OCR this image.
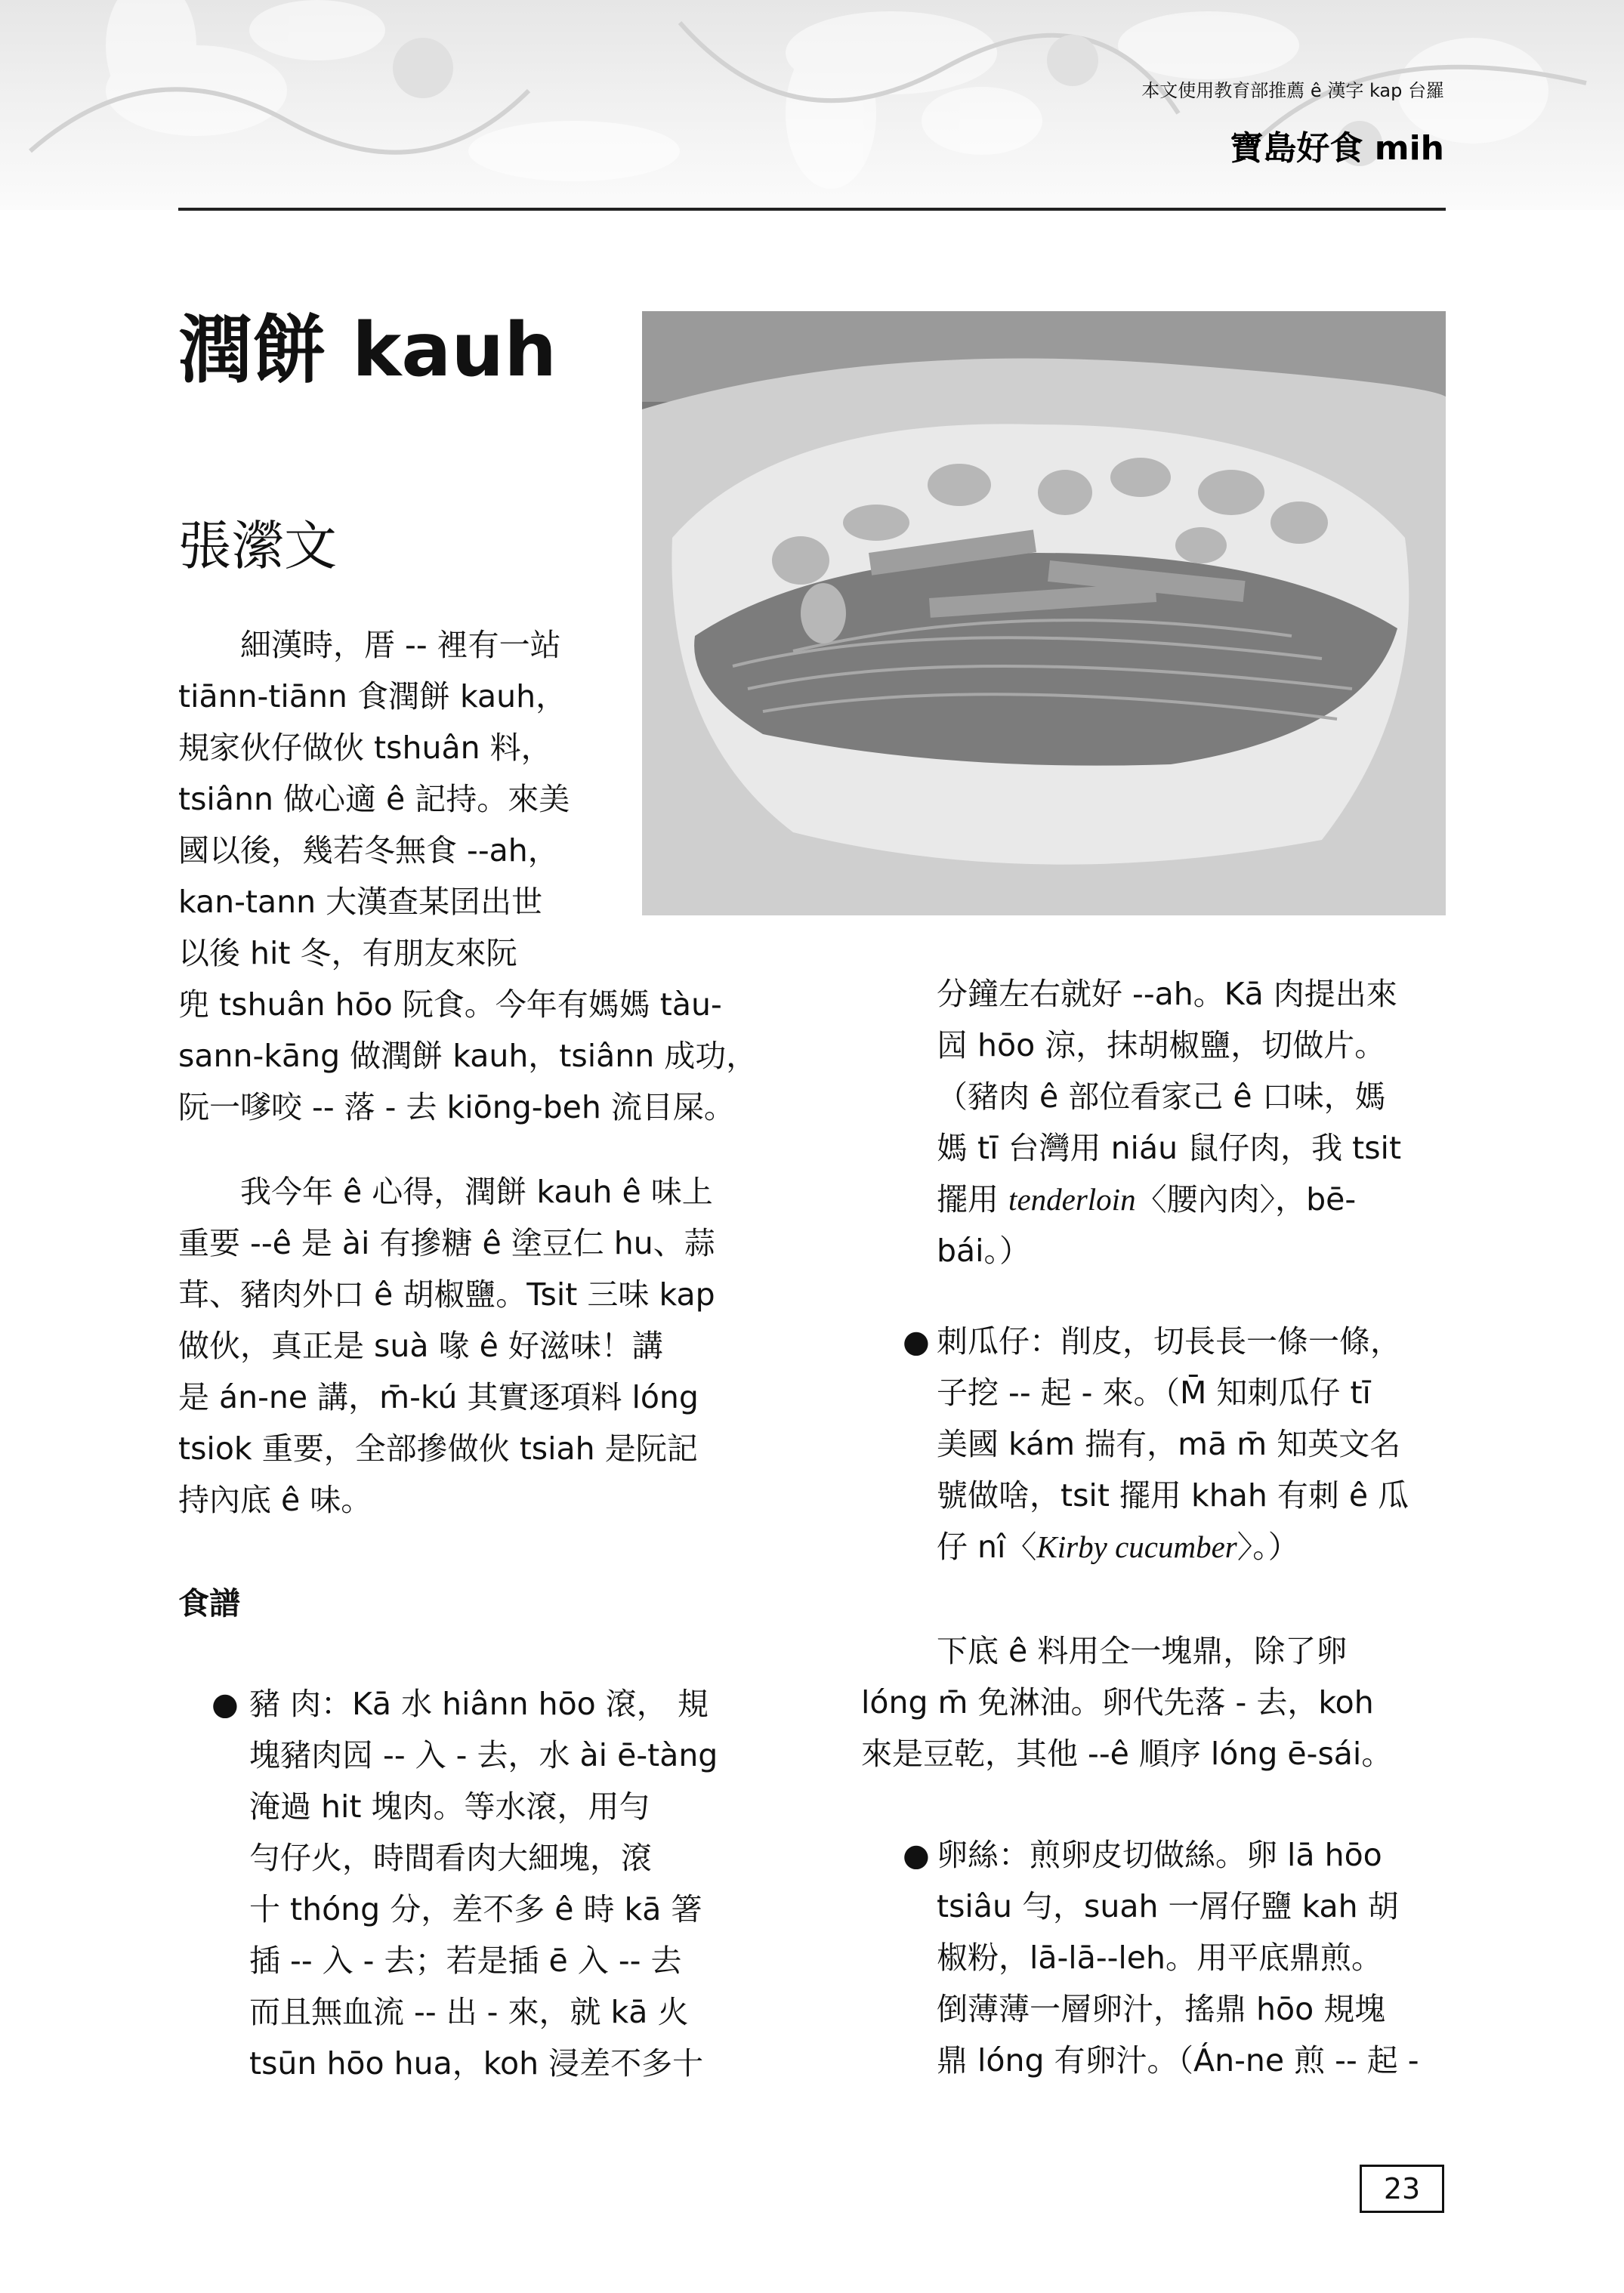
本文使用教育部推薦 ê 漢字 kap 台羅
寶島好食 mih
潤餅 kauh
張瀠文

細漢時，厝 -- 裡有一站

tiānn-tiānn 食潤餅 kauh，

規家伙仔做伙 tshuân 料，

tsiânn 做心適 ê 記持。來美

國以後，幾若冬無食 --ah，

kan-tann 大漢查某囝出世

以後 hit 冬，有朋友來阮

兜 tshuân hōo 阮食。今年有媽媽 tàu-

sann-kāng 做潤餅 kauh，tsiânn 成功，

阮一嗲咬 -- 落 - 去 kiōng-beh 流目屎。

我今年 ê 心得，潤餅 kauh ê 味上

重要 --ê 是 ài 有摻糖 ê 塗豆仁 hu、蒜

茸、豬肉外口 ê 胡椒鹽。Tsit 三味 kap

做伙，真正是 suà 喙 ê 好滋味！講

是 án-ne 講，m̄-kú 其實逐項料 lóng

tsiok 重要，全部摻做伙 tsiah 是阮記

持內底 ê 味。

食譜
● 豬 肉：Kā 水 hiânn hōo 滾， 規

塊豬肉囥 -- 入 - 去，水 ài ē-tàng

淹過 hit 塊肉。等水滾，用勻

勻仔火，時間看肉大細塊，滾

十 thóng 分，差不多 ê 時 kā 箸

插 -- 入 - 去；若是插 ē 入 -- 去

而且無血流 -- 出 - 來，就 kā 火

tsūn hōo hua，koh 浸差不多十

分鐘左右就好 --ah。Kā 肉提出來

囥 hōo 涼，抹胡椒鹽，切做片。

（豬肉 ê 部位看家己 ê 口味，媽

媽 tī 台灣用 niáu 鼠仔肉，我 tsit

擺用 tenderloin〈腰內肉〉，bē-

bái。）

● 刺瓜仔：削皮，切長長一條一條，

子挖 -- 起 - 來。（M̄ 知刺瓜仔 tī

美國 kám 揣有，mā m̄ 知英文名

號做啥，tsit 擺用 khah 有刺 ê 瓜

仔 nî〈Kirby cucumber〉。）

下底 ê 料用仝一塊鼎，除了卵

lóng m̄ 免淋油。卵代先落 - 去，koh

來是豆乾，其他 --ê 順序 lóng ē-sái。

● 卵絲：煎卵皮切做絲。卵 lā hōo

tsiâu 勻，suah 一屑仔鹽 kah 胡

椒粉，lā-lā--leh。用平底鼎煎。

倒薄薄一層卵汁，搖鼎 hōo 規塊

鼎 lóng 有卵汁。（Án-ne 煎 -- 起 -

23
